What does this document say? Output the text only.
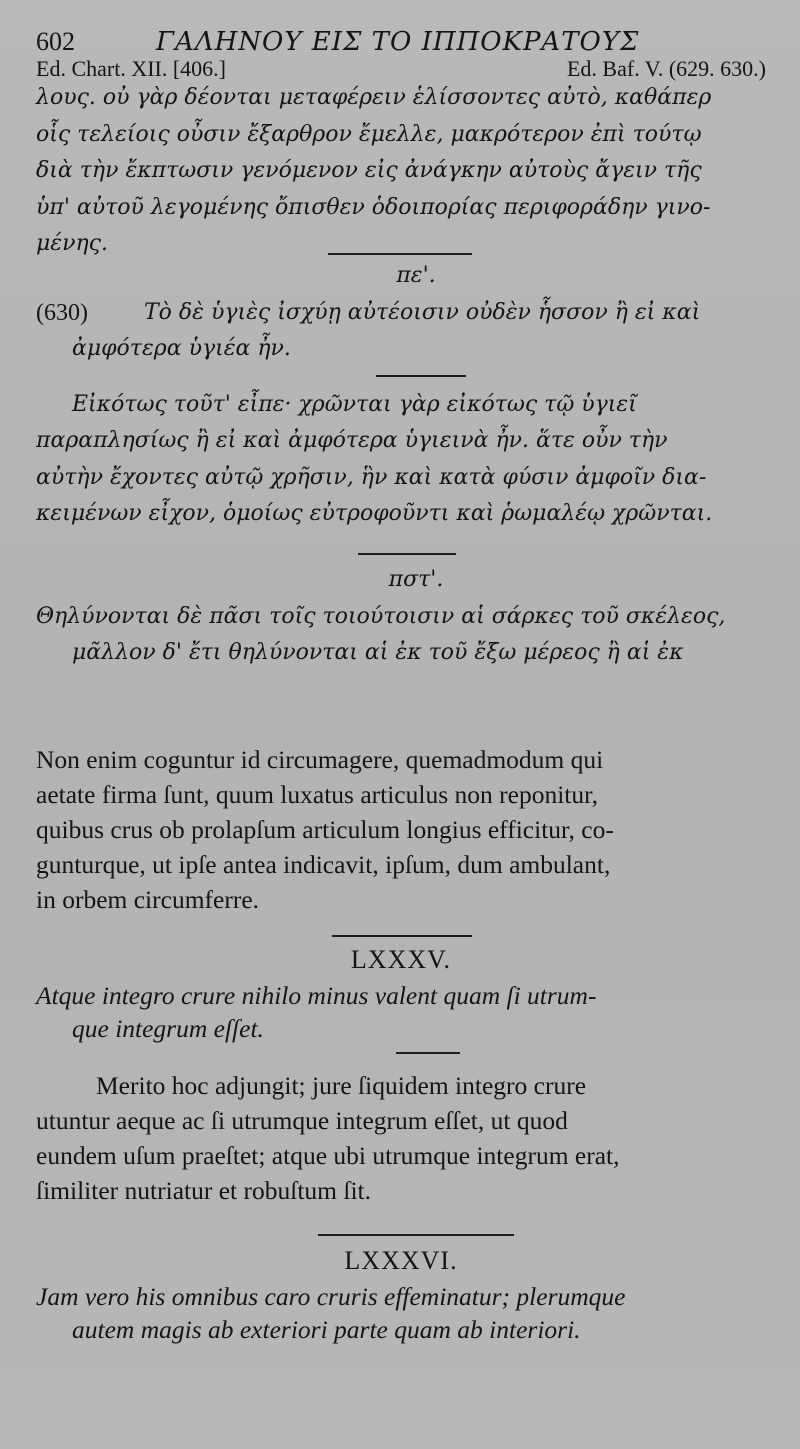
602	ΓΑΛΗΝΟΥ ΕΙΣ ΤΟ ΙΠΠΟΚΡΑΤΟΥΣ
Ed. Chart. XII. [406.]	Ed. Baf. V. (629. 630.)
λους. οὐ γὰρ δέονται μεταφέρειν ἑλίσσοντες αὐτὸ, καθάπερ
οἷς τελείοις οὖσιν ἔξαρθρον ἔμελλε, μακρότερον ἐπὶ τούτῳ
διὰ τὴν ἔκπτωσιν γενόμενον εἰς ἀνάγκην αὐτοὺς ἄγειν τῆς
ὑπ' αὐτοῦ λεγομένης ὄπισθεν ὁδοιπορίας περιφοράδην γινο-
μένης.
πε'.
(630)	Τὸ δὲ ὑγιὲς ἰσχύῃ αὐτέοισιν οὐδὲν ἧσσον ἢ εἰ καὶ
ἀμφότερα ὑγιέα ἦν.
Εἰκότως τοῦτ' εἶπε· χρῶνται γὰρ εἰκότως τῷ ὑγιεῖ
παραπλησίως ἢ εἰ καὶ ἀμφότερα ὑγιεινὰ ἦν. ἅτε οὖν τὴν
αὐτὴν ἔχοντες αὐτῷ χρῆσιν, ἣν καὶ κατὰ φύσιν ἀμφοῖν δια-
κειμένων εἶχον, ὁμοίως εὐτροφοῦντι καὶ ῥωμαλέῳ χρῶνται.
πστ'.
Θηλύνονται δὲ πᾶσι τοῖς τοιούτοισιν αἱ σάρκες τοῦ σκέλεος,
μᾶλλον δ' ἔτι θηλύνονται αἱ ἐκ τοῦ ἔξω μέρεος ἢ αἱ ἐκ
Non enim coguntur id circumagere, quemadmodum qui
aetate firma ſunt, quum luxatus articulus non reponitur,
quibus crus ob prolapſum articulum longius efficitur, co-
gunturque, ut ipſe antea indicavit, ipſum, dum ambulant,
in orbem circumferre.
LXXXV.
Atque integro crure nihilo minus valent quam ſi utrum-
que integrum eſſet.
Merito hoc adjungit; jure ſiquidem integro crure
utuntur aeque ac ſi utrumque integrum eſſet, ut quod
eundem uſum praeſtet; atque ubi utrumque integrum erat,
ſimiliter nutriatur et robuſtum ſit.
LXXXVI.
Jam vero his omnibus caro cruris effeminatur; plerumque
autem magis ab exteriori parte quam ab interiori.
